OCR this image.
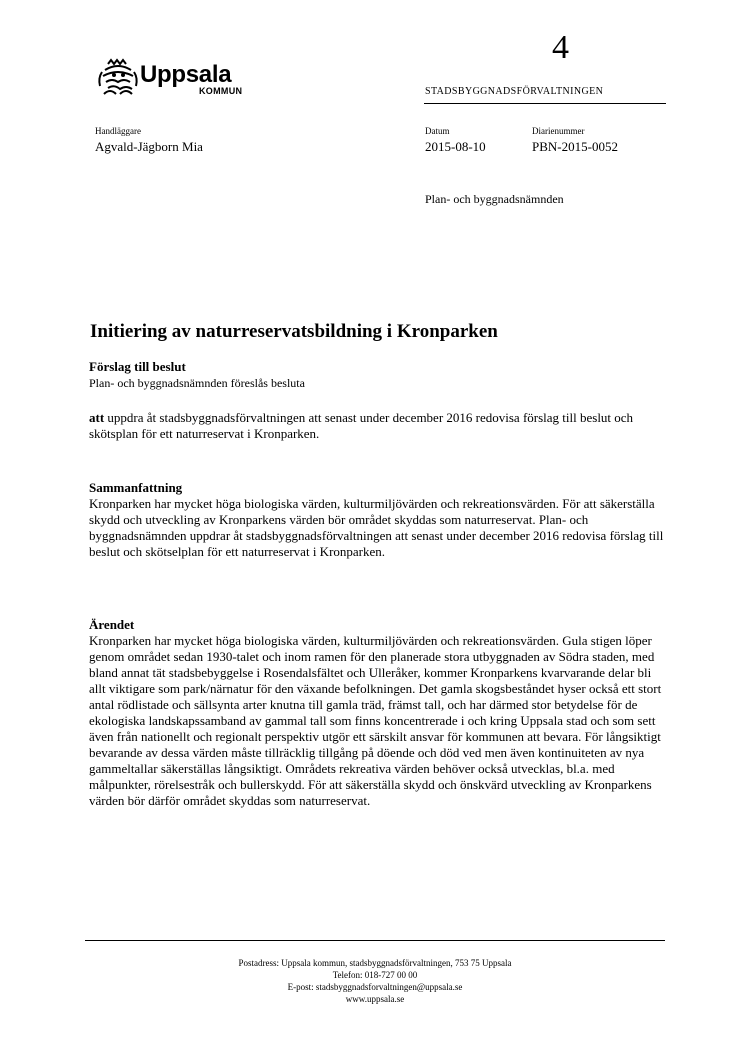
4
Uppsala
KOMMUN	STADSBYGGNADSFÖRVALTNINGEN
Handläggare
Agvald-Jägborn Mia
Datum
2015-08-10
Diarienummer
PBN-2015-0052
Plan- och byggnadsnämnden
Initiering av naturreservatsbildning i Kronparken
Förslag till beslut
Plan- och byggnadsnämnden föreslås besluta
att uppdra åt stadsbyggnadsförvaltningen att senast under december 2016 redovisa förslag till beslut och skötsplan för ett naturreservat i Kronparken.
Sammanfattning
Kronparken har mycket höga biologiska värden, kulturmiljövärden och rekreationsvärden. För att säkerställa skydd och utveckling av Kronparkens värden bör området skyddas som naturreservat. Plan- och byggnadsnämnden uppdrar åt stadsbyggnadsförvaltningen att senast under december 2016 redovisa förslag till beslut och skötselplan för ett naturreservat i Kronparken.
Ärendet
Kronparken har mycket höga biologiska värden, kulturmiljövärden och rekreationsvärden. Gula stigen löper genom området sedan 1930-talet och inom ramen för den planerade stora utbyggnaden av Södra staden, med bland annat tät stadsbebyggelse i Rosendalsfältet och Ulleråker, kommer Kronparkens kvarvarande delar bli allt viktigare som park/närnatur för den växande befolkningen. Det gamla skogsbeståndet hyser också ett stort antal rödlistade och sällsynta arter knutna till gamla träd, främst tall, och har därmed stor betydelse för de ekologiska landskapssamband av gammal tall som finns koncentrerade i och kring Uppsala stad och som sett även från nationellt och regionalt perspektiv utgör ett särskilt ansvar för kommunen att bevara. För långsiktigt bevarande av dessa värden måste tillräcklig tillgång på döende och död ved men även kontinuiteten av nya gammeltallar säkerställas långsiktigt. Områdets rekreativa värden behöver också utvecklas, bl.a. med målpunkter, rörelsestråk och bullerskydd. För att säkerställa skydd och önskvärd utveckling av Kronparkens värden bör därför området skyddas som naturreservat.
Postadress: Uppsala kommun, stadsbyggnadsförvaltningen, 753 75 Uppsala
Telefon: 018-727 00 00
E-post: stadsbyggnadsforvaltningen@uppsala.se
www.uppsala.se
